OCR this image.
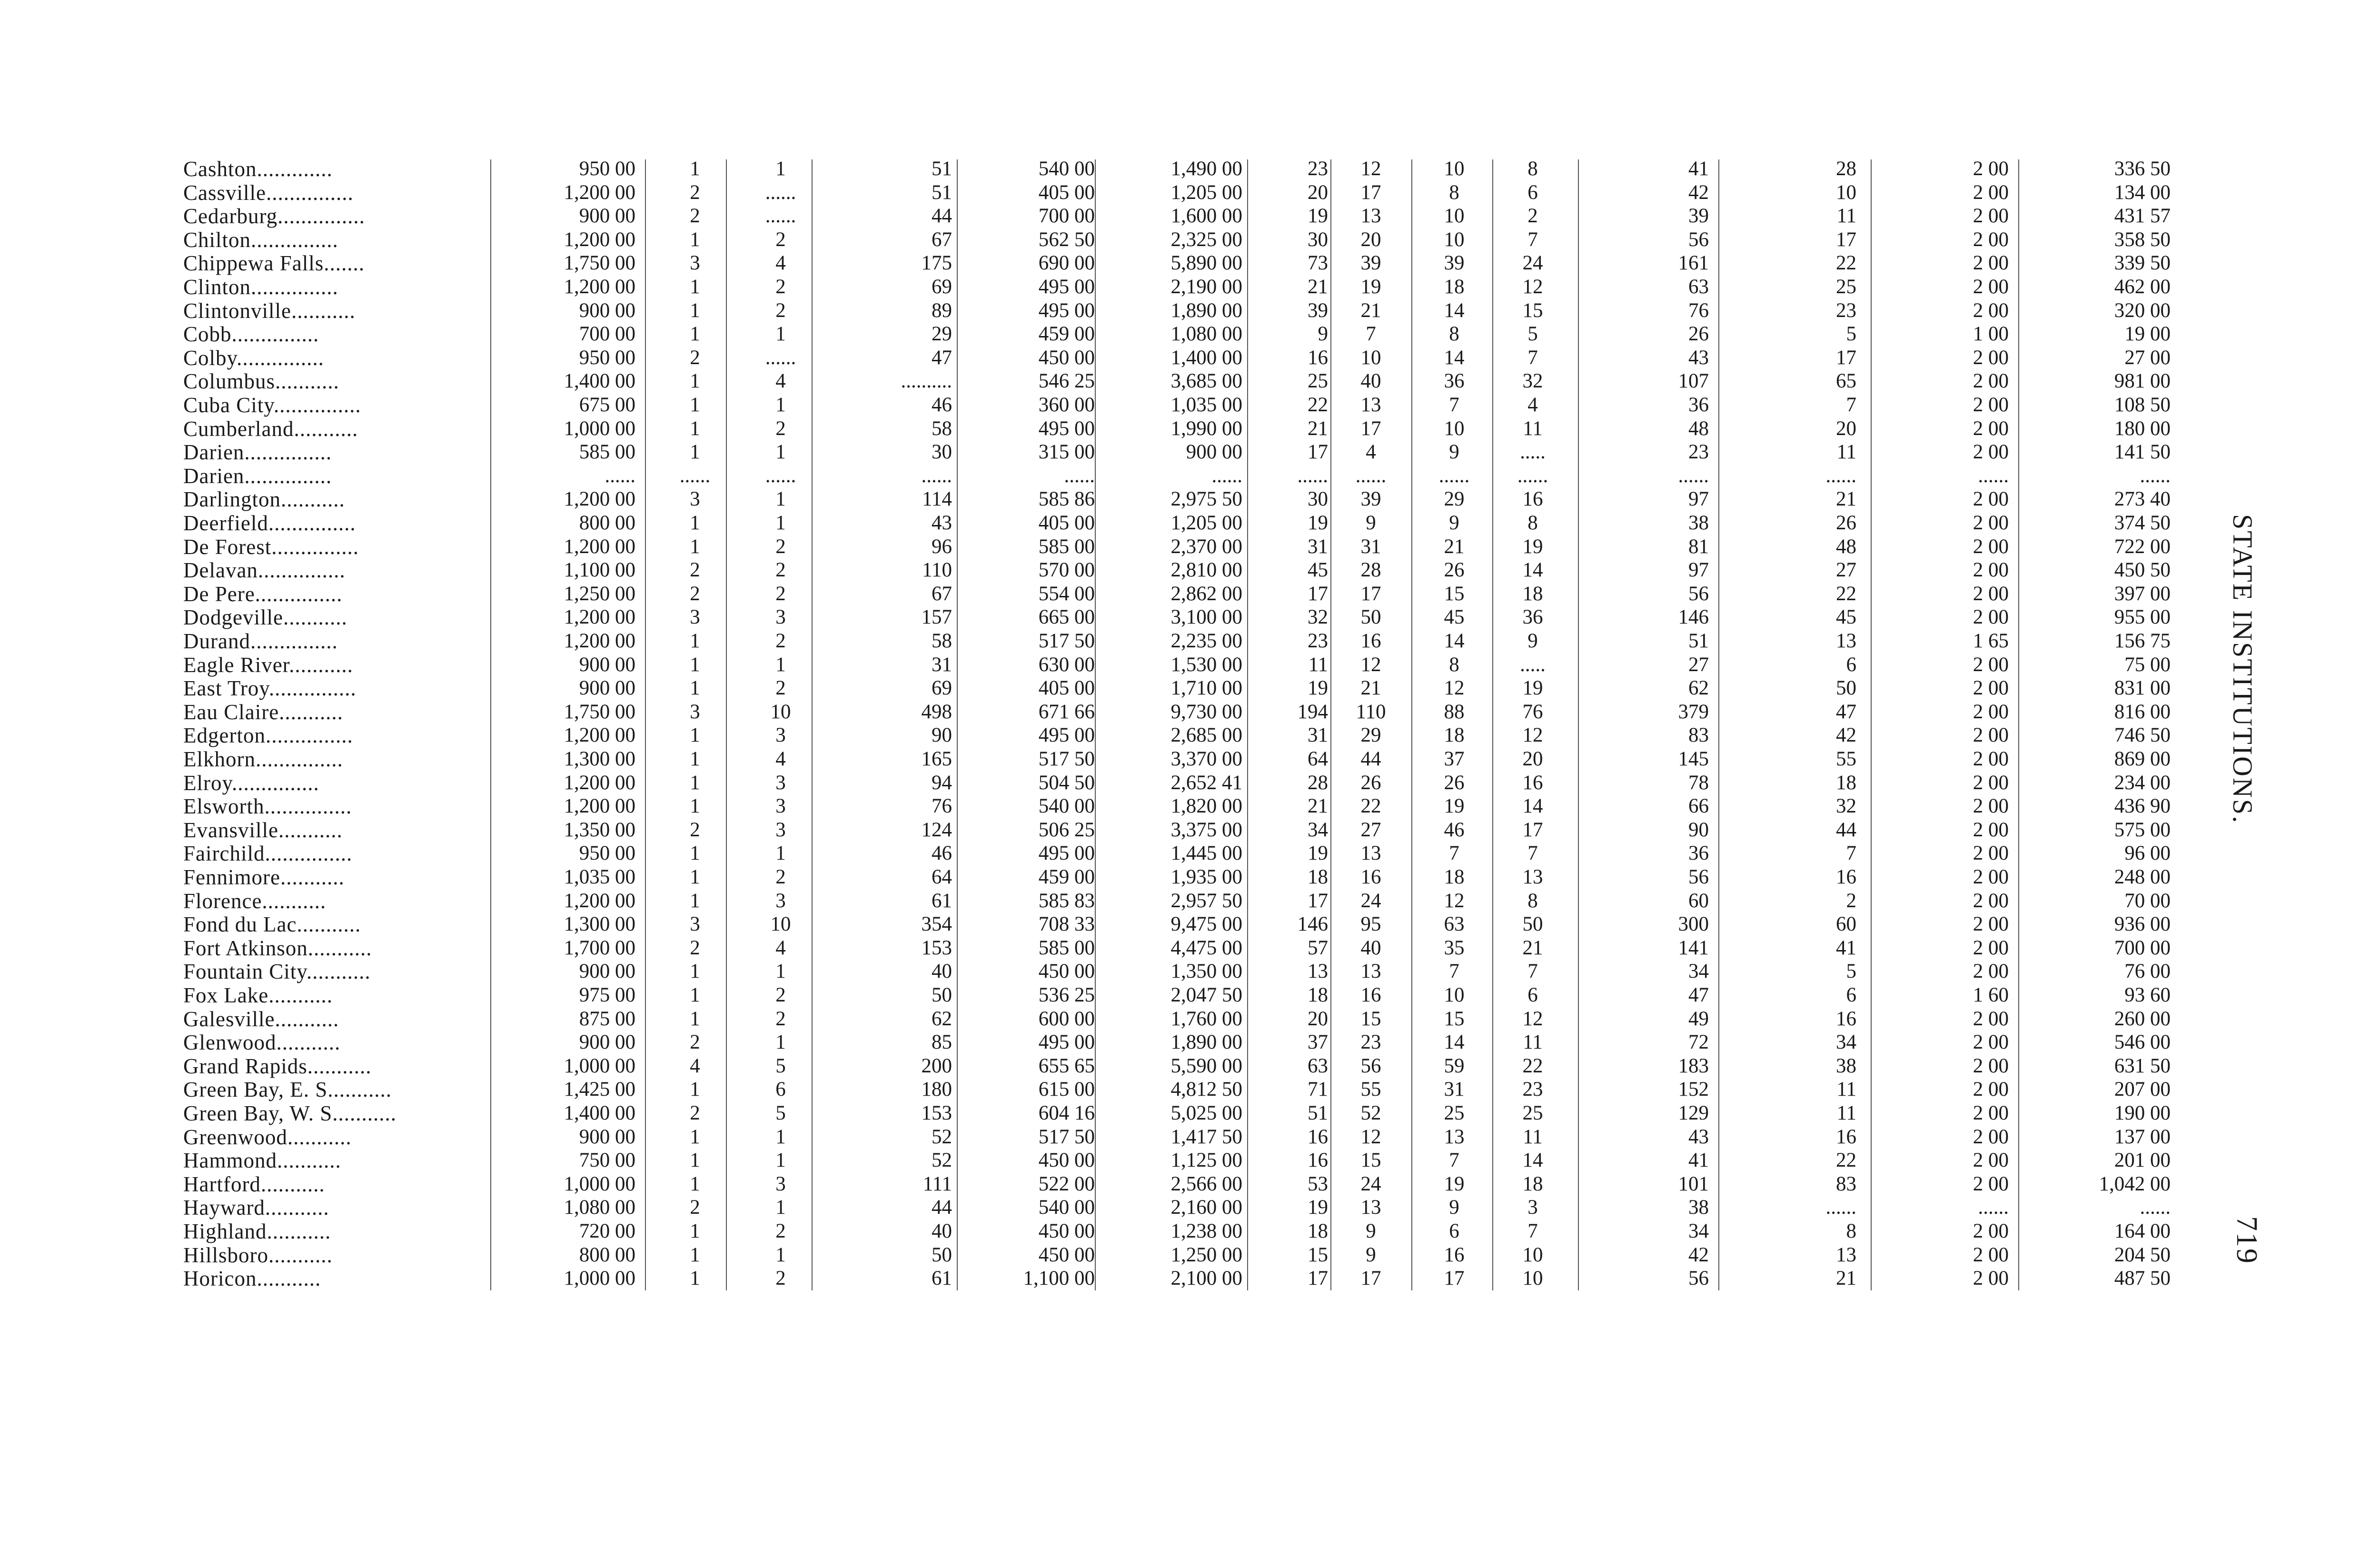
Cashton.............	950 00	1	1	51	540 00	1,490 00	23	12	10	8	41	28	2 00	336 50
Cassville...............	1,200 00	2	......	51	405 00	1,205 00	20	17	8	6	42	10	2 00	134 00
Cedarburg...............	900 00	2	......	44	700 00	1,600 00	19	13	10	2	39	11	2 00	431 57
Chilton...............	1,200 00	1	2	67	562 50	2,325 00	30	20	10	7	56	17	2 00	358 50
Chippewa Falls.......	1,750 00	3	4	175	690 00	5,890 00	73	39	39	24	161	22	2 00	339 50
Clinton...............	1,200 00	1	2	69	495 00	2,190 00	21	19	18	12	63	25	2 00	462 00
Clintonville...........	900 00	1	2	89	495 00	1,890 00	39	21	14	15	76	23	2 00	320 00
Cobb...............	700 00	1	1	29	459 00	1,080 00	9	7	8	5	26	5	1 00	19 00
Colby...............	950 00	2	......	47	450 00	1,400 00	16	10	14	7	43	17	2 00	27 00
Columbus...........	1,400 00	1	4	..........	546 25	3,685 00	25	40	36	32	107	65	2 00	981 00
Cuba City...............	675 00	1	1	46	360 00	1,035 00	22	13	7	4	36	7	2 00	108 50
Cumberland...........	1,000 00	1	2	58	495 00	1,990 00	21	17	10	11	48	20	2 00	180 00
Darien...............	585 00	1	1	30	315 00	900 00	17	4	9	.....	23	11	2 00	141 50
Darien...............	......	......	......	......	......	......	......	......	......	......	......	......	......	......
Darlington...........	1,200 00	3	1	114	585 86	2,975 50	30	39	29	16	97	21	2 00	273 40
Deerfield...............	800 00	1	1	43	405 00	1,205 00	19	9	9	8	38	26	2 00	374 50
De Forest...............	1,200 00	1	2	96	585 00	2,370 00	31	31	21	19	81	48	2 00	722 00
Delavan...............	1,100 00	2	2	110	570 00	2,810 00	45	28	26	14	97	27	2 00	450 50
De Pere...............	1,250 00	2	2	67	554 00	2,862 00	17	17	15	18	56	22	2 00	397 00
Dodgeville...........	1,200 00	3	3	157	665 00	3,100 00	32	50	45	36	146	45	2 00	955 00
Durand...............	1,200 00	1	2	58	517 50	2,235 00	23	16	14	9	51	13	1 65	156 75
Eagle River...........	900 00	1	1	31	630 00	1,530 00	11	12	8	.....	27	6	2 00	75 00
East Troy...............	900 00	1	2	69	405 00	1,710 00	19	21	12	19	62	50	2 00	831 00
Eau Claire...........	1,750 00	3	10	498	671 66	9,730 00	194	110	88	76	379	47	2 00	816 00
Edgerton...............	1,200 00	1	3	90	495 00	2,685 00	31	29	18	12	83	42	2 00	746 50
Elkhorn...............	1,300 00	1	4	165	517 50	3,370 00	64	44	37	20	145	55	2 00	869 00
Elroy...............	1,200 00	1	3	94	504 50	2,652 41	28	26	26	16	78	18	2 00	234 00
Elsworth...............	1,200 00	1	3	76	540 00	1,820 00	21	22	19	14	66	32	2 00	436 90
Evansville...........	1,350 00	2	3	124	506 25	3,375 00	34	27	46	17	90	44	2 00	575 00
Fairchild...............	950 00	1	1	46	495 00	1,445 00	19	13	7	7	36	7	2 00	96 00
Fennimore...........	1,035 00	1	2	64	459 00	1,935 00	18	16	18	13	56	16	2 00	248 00
Florence...........	1,200 00	1	3	61	585 83	2,957 50	17	24	12	8	60	2	2 00	70 00
Fond du Lac...........	1,300 00	3	10	354	708 33	9,475 00	146	95	63	50	300	60	2 00	936 00
Fort Atkinson...........	1,700 00	2	4	153	585 00	4,475 00	57	40	35	21	141	41	2 00	700 00
Fountain City...........	900 00	1	1	40	450 00	1,350 00	13	13	7	7	34	5	2 00	76 00
Fox Lake...........	975 00	1	2	50	536 25	2,047 50	18	16	10	6	47	6	1 60	93 60
Galesville...........	875 00	1	2	62	600 00	1,760 00	20	15	15	12	49	16	2 00	260 00
Glenwood...........	900 00	2	1	85	495 00	1,890 00	37	23	14	11	72	34	2 00	546 00
Grand Rapids...........	1,000 00	4	5	200	655 65	5,590 00	63	56	59	22	183	38	2 00	631 50
Green Bay, E. S...........	1,425 00	1	6	180	615 00	4,812 50	71	55	31	23	152	11	2 00	207 00
Green Bay, W. S...........	1,400 00	2	5	153	604 16	5,025 00	51	52	25	25	129	11	2 00	190 00
Greenwood...........	900 00	1	1	52	517 50	1,417 50	16	12	13	11	43	16	2 00	137 00
Hammond...........	750 00	1	1	52	450 00	1,125 00	16	15	7	14	41	22	2 00	201 00
Hartford...........	1,000 00	1	3	111	522 00	2,566 00	53	24	19	18	101	83	2 00	1,042 00
Hayward...........	1,080 00	2	1	44	540 00	2,160 00	19	13	9	3	38	......	......	......
Highland...........	720 00	1	2	40	450 00	1,238 00	18	9	6	7	34	8	2 00	164 00
Hillsboro...........	800 00	1	1	50	450 00	1,250 00	15	9	16	10	42	13	2 00	204 50
Horicon...........	1,000 00	1	2	61	1,100 00	2,100 00	17	17	17	10	56	21	2 00	487 50
STATE INSTITUTIONS.
719
